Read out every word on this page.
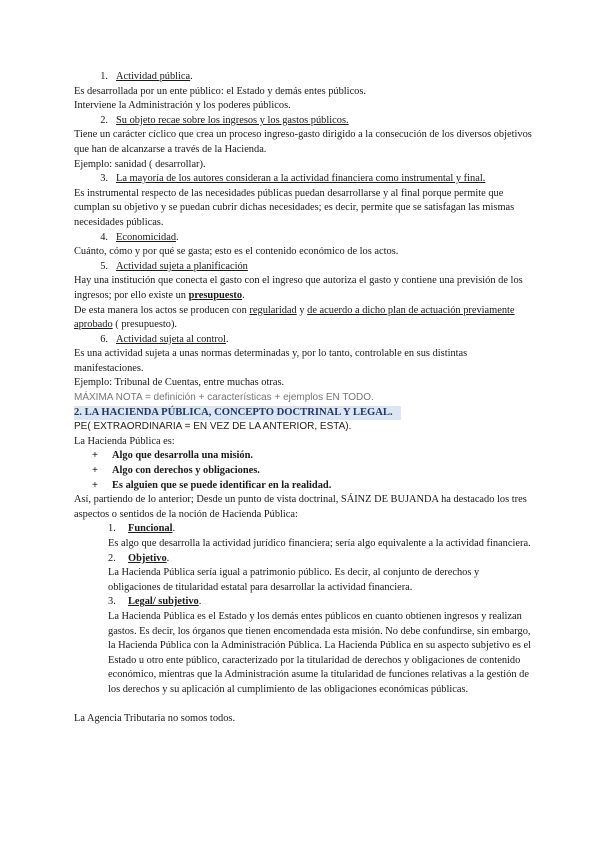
1. Actividad pública.

Es desarrollada por un ente público: el Estado y demás entes públicos.

Interviene la Administración y los poderes públicos.

2. Su objeto recae sobre los ingresos y los gastos públicos.

Tiene un carácter cíclico que crea un proceso ingreso-gasto dirigido a la consecución de los diversos objetivos que han de alcanzarse a través de la Hacienda.

Ejemplo: sanidad ( desarrollar).

3. La mayoría de los autores consideran a la actividad financiera como instrumental y final.

Es instrumental respecto de las necesidades públicas puedan desarrollarse y al final porque permite que cumplan su objetivo y se puedan cubrir dichas necesidades; es decir, permite que se satisfagan las mismas necesidades públicas.

4. Economicidad.

Cuánto, cómo y por qué se gasta; esto es el contenido económico de los actos.

5. Actividad sujeta a planificación

Hay una institución que conecta el gasto con el ingreso que autoriza el gasto y contiene una previsión de los ingresos; por ello existe un presupuesto.

De esta manera los actos se producen con regularidad y de acuerdo a dicho plan de actuación previamente aprobado ( presupuesto).

6. Actividad sujeta al control.

Es una actividad sujeta a unas normas determinadas y, por lo tanto, controlable en sus distintas manifestaciones.

Ejemplo: Tribunal de Cuentas, entre muchas otras.

MÁXIMA NOTA = definición + características + ejemplos EN TODO.

2. LA HACIENDA PÚBLICA, CONCEPTO DOCTRINAL Y LEGAL.

PE( EXTRAORDINARIA = EN VEZ DE LA ANTERIOR, ESTA).

La Hacienda Pública es:

+ Algo que desarrolla una misión.

+ Algo con derechos y obligaciones.

+ Es alguien que se puede identificar en la realidad.

Así, partiendo de lo anterior; Desde un punto de vista doctrinal, SÁINZ DE BUJANDA ha destacado los tres aspectos o sentidos de la noción de Hacienda Pública:

1. Funcional.

Es algo que desarrolla la actividad jurídico financiera; sería algo equivalente a la actividad financiera.

2. Objetivo.

La Hacienda Pública sería igual a patrimonio público. Es decir, al conjunto de derechos y obligaciones de titularidad estatal para desarrollar la actividad financiera.

3. Legal/ subjetivo.

La Hacienda Pública es el Estado y los demás entes públicos en cuanto obtienen ingresos y realizan gastos. Es decir, los órganos que tienen encomendada esta misión. No debe confundirse, sin embargo, la Hacienda Pública con la Administración Pública. La Hacienda Pública en su aspecto subjetivo es el Estado u otro ente público, caracterizado por la titularidad de derechos y obligaciones de contenido económico, mientras que la Administración asume la titularidad de funciones relativas a la gestión de los derechos y su aplicación al cumplimiento de las obligaciones económicas públicas.

La Agencia Tributaria no somos todos.
